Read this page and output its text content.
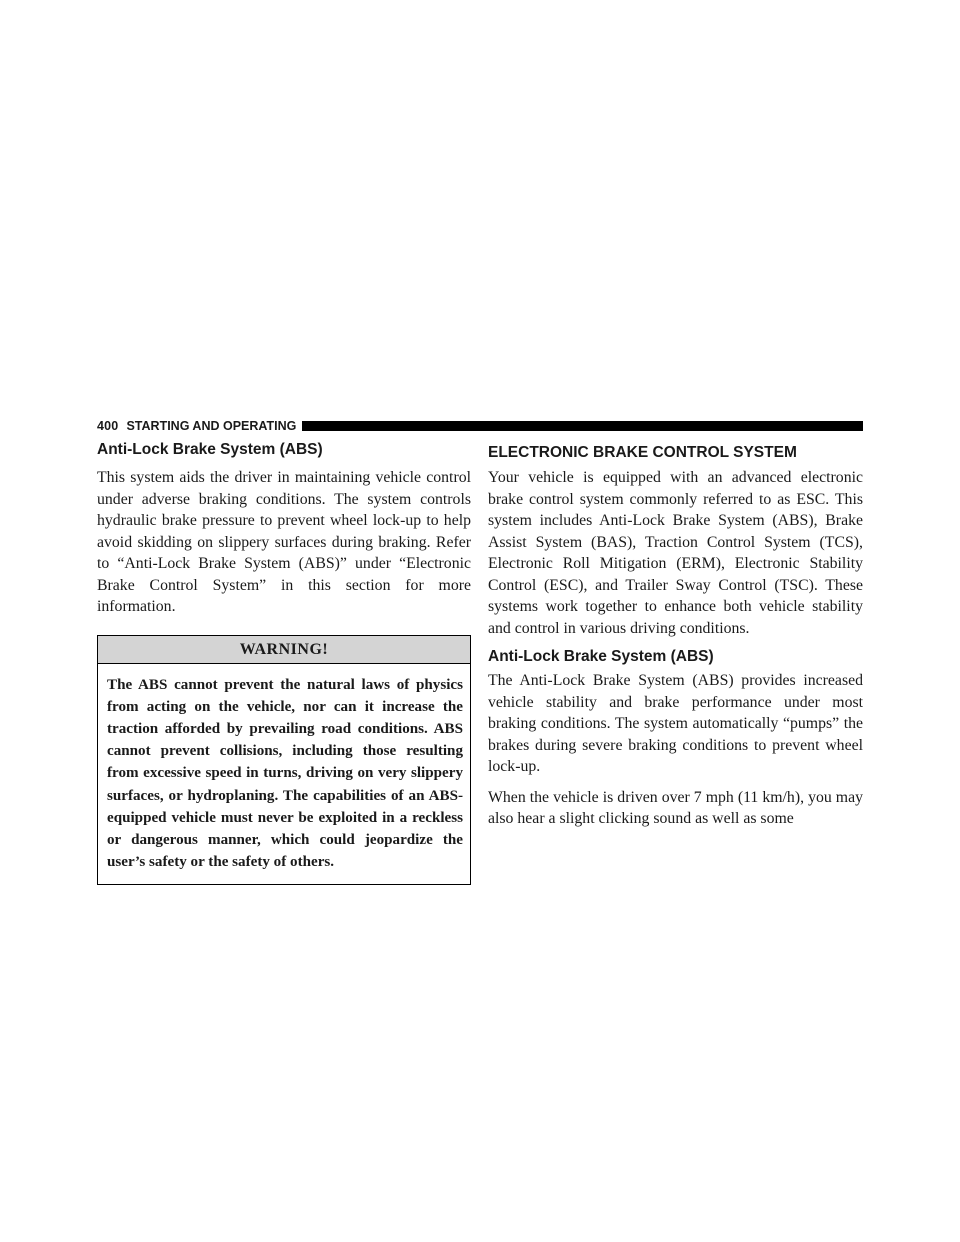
400 STARTING AND OPERATING
Anti-Lock Brake System (ABS)

This system aids the driver in maintaining vehicle control under adverse braking conditions. The system controls hydraulic brake pressure to prevent wheel lock-up to help avoid skidding on slippery surfaces during braking. Refer to “Anti-Lock Brake System (ABS)” under “Electronic Brake Control System” in this section for more information.

WARNING!
The ABS cannot prevent the natural laws of physics from acting on the vehicle, nor can it increase the traction afforded by prevailing road conditions. ABS cannot prevent collisions, including those resulting from excessive speed in turns, driving on very slippery surfaces, or hydroplaning. The capabilities of an ABS-equipped vehicle must never be exploited in a reckless or dangerous manner, which could jeopardize the user’s safety or the safety of others.
ELECTRONIC BRAKE CONTROL SYSTEM

Your vehicle is equipped with an advanced electronic brake control system commonly referred to as ESC. This system includes Anti-Lock Brake System (ABS), Brake Assist System (BAS), Traction Control System (TCS), Electronic Roll Mitigation (ERM), Electronic Stability Control (ESC), and Trailer Sway Control (TSC). These systems work together to enhance both vehicle stability and control in various driving conditions.

Anti-Lock Brake System (ABS)

The Anti-Lock Brake System (ABS) provides increased vehicle stability and brake performance under most braking conditions. The system automatically “pumps” the brakes during severe braking conditions to prevent wheel lock-up.

When the vehicle is driven over 7 mph (11 km/h), you may also hear a slight clicking sound as well as some
